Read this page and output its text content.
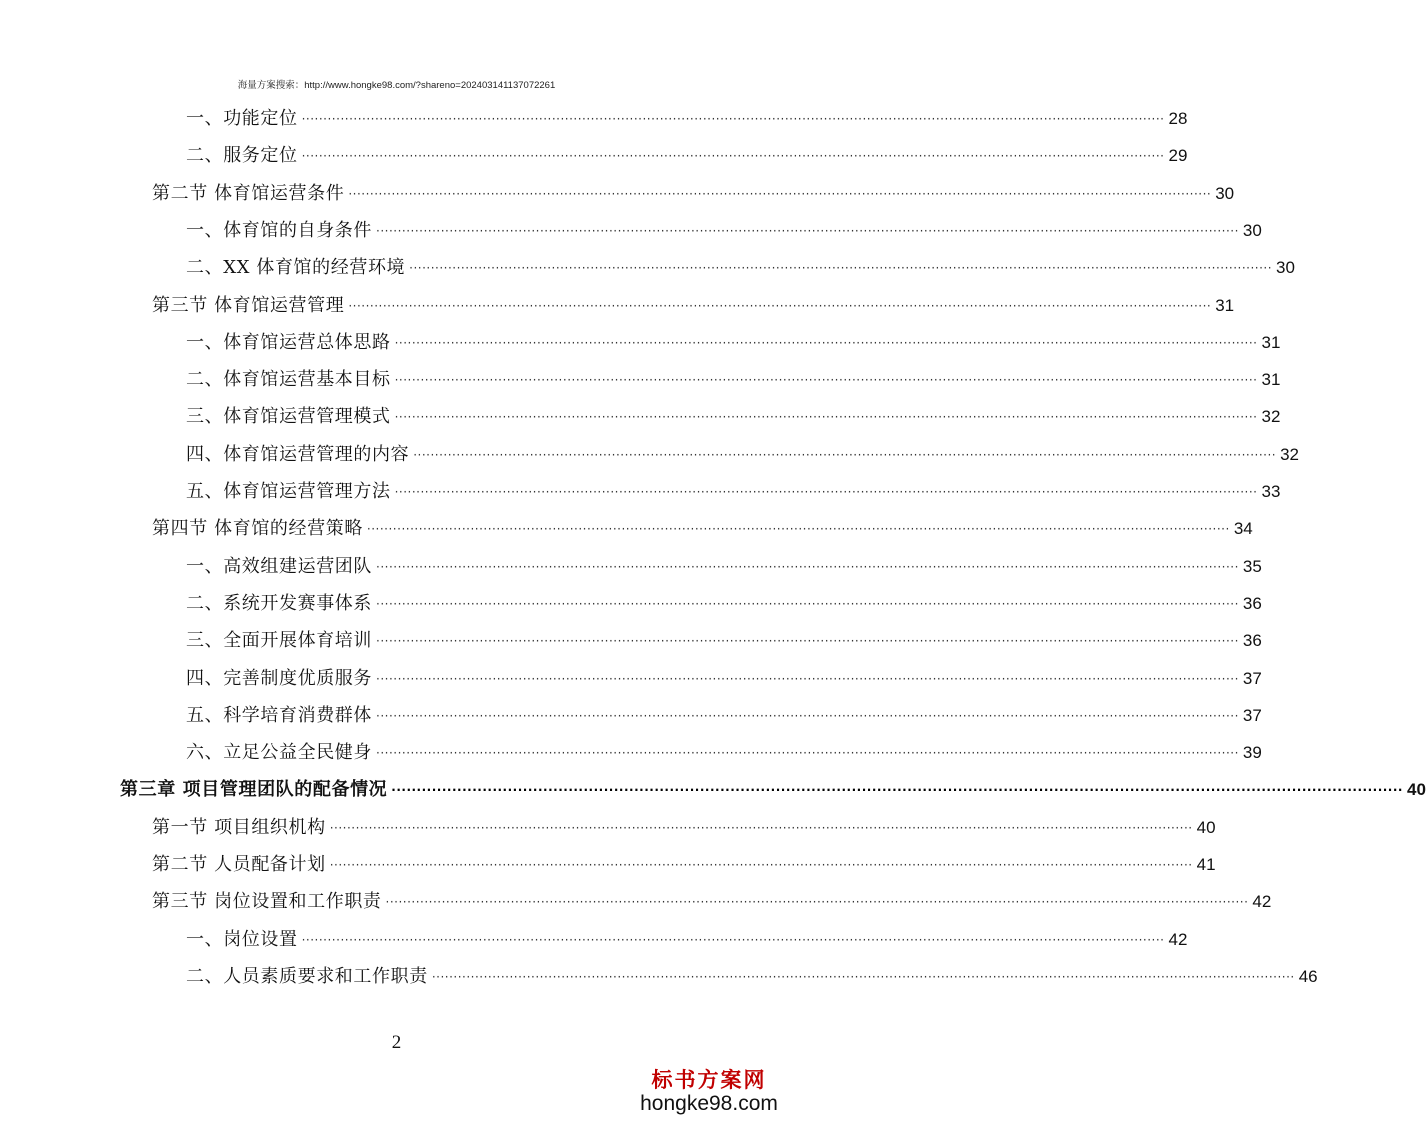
海量方案搜索：http://www.hongke98.com/?shareno=2024031411370722​61
一、功能定位 ········································································································································································································ 28
二、服务定位 ········································································································································································································ 29
第二节 体育馆运营条件 ········································································································································································································ 30
一、体育馆的自身条件 ········································································································································································································ 30
二、XX 体育馆的经营环境 ········································································································································································································ 30
第三节 体育馆运营管理 ········································································································································································································ 31
一、体育馆运营总体思路 ········································································································································································································ 31
二、体育馆运营基本目标 ········································································································································································································ 31
三、体育馆运营管理模式 ········································································································································································································ 32
四、体育馆运营管理的内容 ········································································································································································································ 32
五、体育馆运营管理方法 ········································································································································································································ 33
第四节 体育馆的经营策略 ········································································································································································································ 34
一、高效组建运营团队 ········································································································································································································ 35
二、系统开发赛事体系 ········································································································································································································ 36
三、全面开展体育培训 ········································································································································································································ 36
四、完善制度优质服务 ········································································································································································································ 37
五、科学培育消费群体 ········································································································································································································ 37
六、立足公益全民健身 ········································································································································································································ 39
第三章 项目管理团队的配备情况 ········································································································································································································ 40
第一节 项目组织机构 ········································································································································································································ 40
第二节 人员配备计划 ········································································································································································································ 41
第三节 岗位设置和工作职责 ········································································································································································································ 42
一、岗位设置 ········································································································································································································ 42
二、人员素质要求和工作职责 ········································································································································································································ 46
2
标书方案网
hongke98.com
